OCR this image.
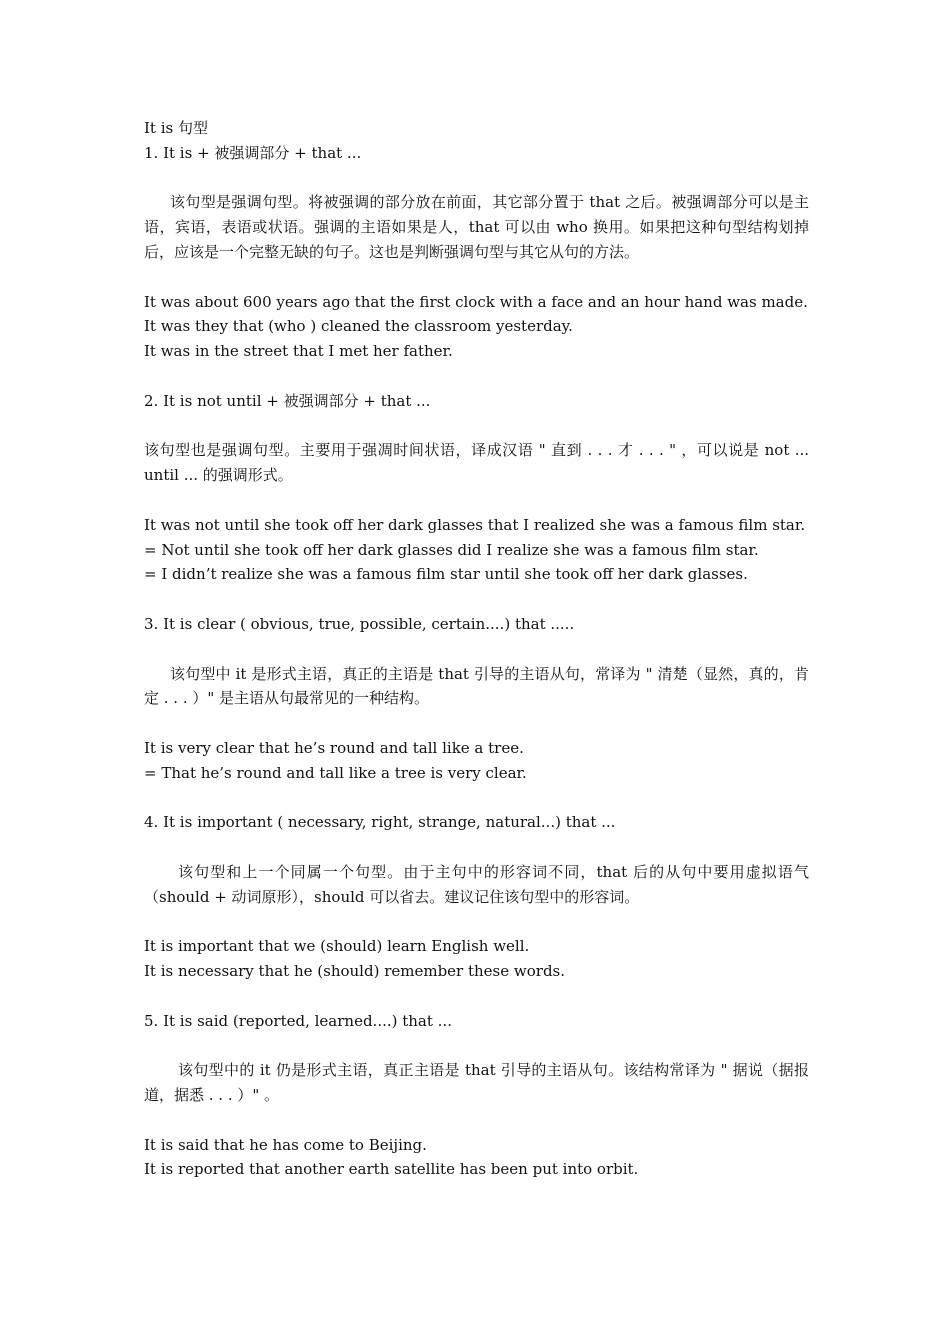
It is 句型
1. It is + 被强调部分 + that ...
该句型是强调句型。将被强调的部分放在前面，其它部分置于 that 之后。被强调部分可以是主语，宾语，表语或状语。强调的主语如果是人，that 可以由 who 换用。如果把这种句型结构划掉后，应该是一个完整无缺的句子。这也是判断强调句型与其它从句的方法。
It was about 600 years ago that the first clock with a face and an hour hand was made.
It was they that (who ) cleaned the classroom yesterday.
It was in the street that I met her father.
2. It is not until + 被强调部分 + that ...
该句型也是强调句型。主要用于强凋时间状语，译成汉语 " 直到 . . . 才 . . . " ，可以说是 not ... until ... 的强调形式。
It was not until she took off her dark glasses that I realized she was a famous film star.
= Not until she took off her dark glasses did I realize she was a famous film star.
= I didn’t realize she was a famous film star until she took off her dark glasses.
3. It is clear ( obvious, true, possible, certain....) that .....
该句型中 it 是形式主语，真正的主语是 that 引导的主语从句，常译为 " 清楚（显然，真的，肯定 . . . ）" 是主语从句最常见的一种结构。
It is very clear that he’s round and tall like a tree.
= That he’s round and tall like a tree is very clear.
4. It is important ( necessary, right, strange, natural...) that ...
该句型和上一个同属一个句型。由于主句中的形容词不同，that 后的从句中要用虚拟语气（should + 动词原形），should 可以省去。建议记住该句型中的形容词。
It is important that we (should) learn English well.
It is necessary that he (should) remember these words.
5. It is said (reported, learned....) that ...
该句型中的 it 仍是形式主语，真正主语是 that 引导的主语从句。该结构常译为 " 据说（据报道，据悉 . . . ）" 。
It is said that he has come to Beijing.
It is reported that another earth satellite has been put into orbit.
